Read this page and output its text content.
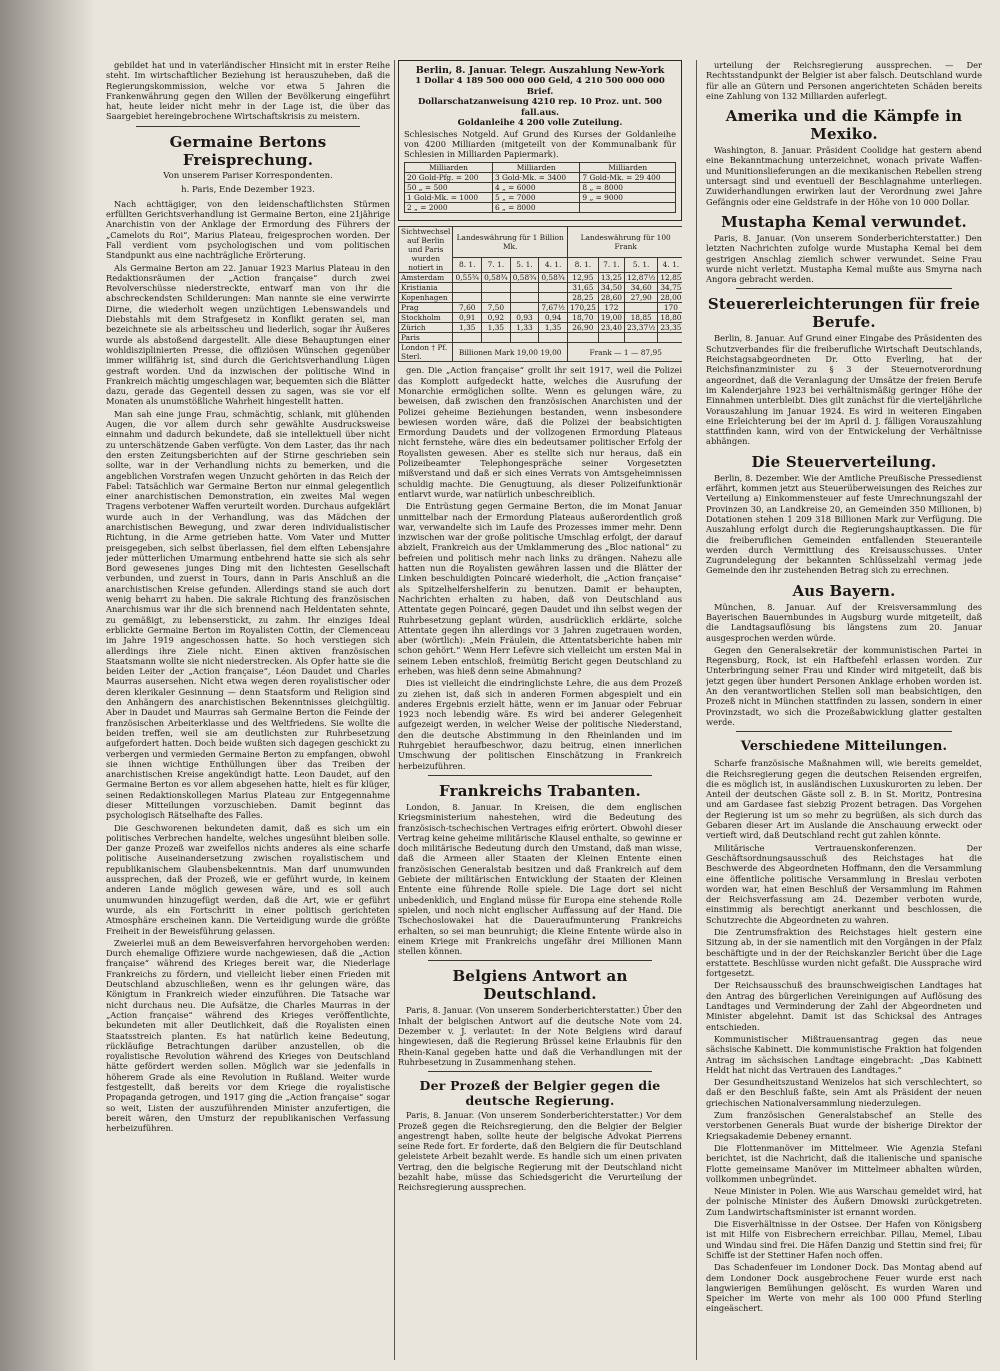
gebildet hat und in vaterländischer Hinsicht mit in erster Reihe steht. Im wirtschaftlicher Beziehung ist herauszuheben, daß die Regierungskommission, welche vor etwa 5 Jahren die Frankenwährung gegen den Willen der Bevölkerung eingeführt hat, heute leider nicht mehr in der Lage ist, die über das Saargebiet hereingebrochene Wirtschaftskrisis zu meistern.

Germaine Bertons Freisprechung.
Von unserem Pariser Korrespondenten.
h. Paris, Ende Dezember 1923.

Nach achttägiger, von den leidenschaftlichsten Stürmen erfüllten Gerichtsverhandlung ist Germaine Berton, eine 21jährige Anarchistin von der Anklage der Ermordung des Führers der „Camelots du Roi“, Marius Plateau, freigesprochen worden. Der Fall verdient vom psychologischen und vom politischen Standpunkt aus eine nachträgliche Erörterung.

Als Germaine Berton am 22. Januar 1923 Marius Plateau in den Redaktionsräumen der „Action française“ durch zwei Revolverschüsse niederstreckte, entwarf man von ihr die abschreckendsten Schilderungen: Man nannte sie eine verwirrte Dirne, die wiederholt wegen unzüchtigen Lebenswandels und Diebstahls mit dem Strafgesetz in Konflikt geraten sei, man bezeichnete sie als arbeitsscheu und liederlich, sogar ihr Äußeres wurde als abstoßend dargestellt. Alle diese Behauptungen einer wohldisziplinierten Presse, die offiziösen Wünschen gegenüber immer willfährig ist, sind durch die Gerichtsverhandlung Lügen gestraft worden. Und da inzwischen der politische Wind in Frankreich mächtig umgeschlagen war, bequemten sich die Blätter dazu, gerade das Gegenteil dessen zu sagen, was sie vor elf Monaten als unumstößliche Wahrheit hingestellt hatten.

Man sah eine junge Frau, schmächtig, schlank, mit glühenden Augen, die vor allem durch sehr gewählte Ausdrucksweise einnahm und dadurch bekundete, daß sie intellektuell über nicht zu unterschätzende Gaben verfügte. Von dem Laster, das ihr nach den ersten Zeitungsberichten auf der Stirne geschrieben sein sollte, war in der Verhandlung nichts zu bemerken, und die angeblichen Vorstrafen wegen Unzucht gehörten in das Reich der Fabel: Tatsächlich war Germaine Berton nur einmal gelegentlich einer anarchistischen Demonstration, ein zweites Mal wegen Tragens verbotener Waffen verurteilt worden. Durchaus aufgeklärt wurde auch in der Verhandlung, was das Mädchen der anarchistischen Bewegung, und zwar deren individualistischer Richtung, in die Arme getrieben hatte. Vom Vater und Mutter preisgegeben, sich selbst überlassen, fiel dem elften Lebensjahre jeder mütterlichen Umarmung entbehrend hatte sie sich als sehr Bord gewesenes junges Ding mit den lichtesten Gesellschaft verbunden, und zuerst in Tours, dann in Paris Anschluß an die anarchistischen Kreise gefunden. Allerdings stand sie auch dort wenig beharrt zu haben. Die sakrale Richtung des französischen Anarchismus war ihr die sich brennend nach Heldentaten sehnte, zu gemäßigt, zu lebenserstickt, zu zahm. Ihr einziges Ideal erblickte Germaine Berton im Royalisten Cottin, der Clemenceau im Jahre 1919 angeschossen hatte. So hoch verstiegen sich allerdings ihre Ziele nicht. Einen aktiven französischen Staatsmann wollte sie nicht niederstrecken. Als Opfer hatte sie die beiden Leiter der „Action française“, Léon Daudet und Charles Maurras ausersehen. Nicht etwa wegen deren royalistischer oder deren klerikaler Gesinnung — denn Staatsform und Religion sind den Anhängern des anarchistischen Bekenntnisses gleichgültig. Aber in Daudet und Maurras sah Germaine Berton die Feinde der französischen Arbeiterklasse und des Weltfriedens. Sie wollte die beiden treffen, weil sie am deutlichsten zur Ruhrbesetzung aufgefordert hatten. Doch beide wußten sich dagegen geschickt zu verbergen und vermieden Germaine Berton zu empfangen, obwohl sie ihnen wichtige Enthüllungen über das Treiben der anarchistischen Kreise angekündigt hatte. Leon Daudet, auf den Germaine Berton es vor allem abgesehen hatte, hielt es für klüger, seinen Redaktionskollegen Marius Plateau zur Entgegennahme dieser Mitteilungen vorzuschieben. Damit beginnt das psychologisch Rätselhafte des Falles.

Die Geschworenen bekundeten damit, daß es sich um ein politisches Verbrechen handelte, welches ungesühnt bleiben solle. Der ganze Prozeß war zweifellos nichts anderes als eine scharfe politische Auseinandersetzung zwischen royalistischem und republikanischem Glaubensbekenntnis. Man darf unumwunden aussprechen, daß der Prozeß, wie er geführt wurde, in keinem anderen Lande möglich gewesen wäre, und es soll auch unumwunden hinzugefügt werden, daß die Art, wie er geführt wurde, als ein Fortschritt in einer politisch gerichteten Atmosphäre erscheinen kann. Die Verteidigung wurde die größte Freiheit in der Beweisführung gelassen.

Zweierlei muß an dem Beweisverfahren hervorgehoben werden: Durch ehemalige Offiziere wurde nachgewiesen, daß die „Action française“ während des Krieges bereit war, die Niederlage Frankreichs zu fördern, und vielleicht lieber einen Frieden mit Deutschland abzuschließen, wenn es ihr gelungen wäre, das Königtum in Frankreich wieder einzuführen. Die Tatsache war nicht durchaus neu. Die Aufsätze, die Charles Maurras in der „Action française“ während des Krieges veröffentlichte, bekundeten mit aller Deutlichkeit, daß die Royalisten einen Staatsstreich planten. Es hat natürlich keine Bedeutung, rückläufige Betrachtungen darüber anzustellen, ob die royalistische Revolution während des Krieges von Deutschland hätte gefördert werden sollen. Möglich war sie jedenfalls in höherem Grade als eine Revolution in Rußland. Weiter wurde festgestellt, daß bereits vor dem Kriege die royalistische Propaganda getrogen, und 1917 ging die „Action française“ sogar so weit, Listen der auszuführenden Minister anzufertigen, die bereit wären, den Umsturz der republikanischen Verfassung herbeizuführen.

Berlin, 8. Januar. Telegr. Auszahlung New-York
1 Dollar 4 189 500 000 000 Geld, 4 210 500 000 000 Brief.
Dollarschatzanweisung 4210 rep. 10 Proz. unt. 500 fall.aus.
Goldanleihe 4 200 volle Zuteilung.
Schlesisches Notgeld. Auf Grund des Kurses der Goldanleihe von 4200 Milliarden (mitgeteilt von der Kommunalbank für Schlesien in Milliarden Papiermark).
Milliarden	Milliarden	Milliarden
20 Gold-Pfg. = 200	3 Gold-Mk. = 3400	7 Gold-Mk. = 29 400
50 „ = 500	4 „ = 6000	8 „ = 8000
1 Gold-Mk. = 1000	5 „ = 7000	9 „ = 9000
2 „ = 2000	6 „ = 8000	
Sichtwechsel auf Berlin und Paris wurden notiert in	Landeswährung für 1 Billion Mk.				Landeswährung für 100 Frank			
	8. 1.	7. 1.	5. 1.	4. 1.	8. 1.	7. 1.	5. 1.	4. 1.
Amsterdam	0,55¾	0,58¾	0,58¾	0,58¾	12,95	13,25	12,87½	12,85
Kristiania					31,65	34,50	34,60	34,75
Kopenhagen					28,25	28,60	27,90	28,00
Prag	7,60	7,50		7,67½	170,25	172		170
Stockholm	0,91	0,92	0,93	0,94	18,70	19,00	18,85	18,80
Zürich	1,35	1,35	1,33	1,35	26,90	23,40	23,37½	23,35
Paris								
London † Pf. Sterl.	Billionen Mark 19,00 19,00				Frank — 1 — 87,95			

gen. Die „Action française“ grollt ihr seit 1917, weil die Polizei das Komplott aufgedeckt hatte, welches die Ausrufung der Monarchie ermöglichen sollte. Wenn es gelungen wäre, zu beweisen, daß zwischen den französischen Anarchisten und der Polizei geheime Beziehungen bestanden, wenn insbesondere bewiesen worden wäre, daß die Polizei der beabsichtigten Ermordung Daudets und der vollzogenen Ermordung Plateaus nicht fernstehe, wäre dies ein bedeutsamer politischer Erfolg der Royalisten gewesen. Aber es stellte sich nur heraus, daß ein Polizeibeamter Telephongespräche seiner Vorgesetzten mißverstand und daß er sich eines Verrats von Amtsgeheimnissen schuldig machte. Die Genugtuung, als dieser Polizeifunktionär entlarvt wurde, war natürlich unbeschreiblich.

Die Entrüstung gegen Germaine Berton, die im Monat Januar unmittelbar nach der Ermordung Plateaus außerordentlich groß war, verwandelte sich im Laufe des Prozesses immer mehr. Denn inzwischen war der große politische Umschlag erfolgt, der darauf abzielt, Frankreich aus der Umklammerung des „Bloc national“ zu befreien und politisch mehr nach links zu drängen. Nahezu alle hatten nun die Royalisten gewähren lassen und die Blätter der Linken beschuldigten Poincaré wiederholt, die „Action française“ als Spitzelhelfershelferin zu benutzen. Damit er behaupten, Nachrichten erhalten zu haben, daß von Deutschland aus Attentate gegen Poincaré, gegen Daudet und ihn selbst wegen der Ruhrbesetzung geplant würden, ausdrücklich erklärte, solche Attentate gegen ihn allerdings vor 3 Jahren zugetrauen worden, aber (wörtlich): „Mein Fräulein, die Attentatsberichte haben mir schon gehört.“ Wenn Herr Lefèvre sich vielleicht um ersten Mal in seinem Leben entschloß, freimütig Bericht gegen Deutschland zu erheben, was hieß denn seine Abmahnung?

Dies ist vielleicht die eindringlichste Lehre, die aus dem Prozeß zu ziehen ist, daß sich in anderen Formen abgespielt und ein anderes Ergebnis erzielt hätte, wenn er im Januar oder Februar 1923 noch lebendig wäre. Es wird bei anderer Gelegenheit aufgezeigt werden, in welcher Weise der politische Niederstand, den die deutsche Abstimmung in den Rheinlanden und im Ruhrgebiet heraufbeschwor, dazu beitrug, einen innerlichen Umschwung der politischen Einschätzung in Frankreich herbeizuführen.

Frankreichs Trabanten.

London, 8. Januar. In Kreisen, die dem englischen Kriegsministerium nahestehen, wird die Bedeutung des französisch-tschechischen Vertrages eifrig erörtert. Obwohl dieser Vertrag keine geheime militärische Klausel enthalte, so gewinne er doch militärische Bedeutung durch den Umstand, daß man wisse, daß die Armeen aller Staaten der Kleinen Entente einen französischen Generalstab besitzen und daß Frankreich auf dem Gebiete der militärischen Entwicklung der Staaten der Kleinen Entente eine führende Rolle spiele. Die Lage dort sei nicht unbedenklich, und England müsse für Europa eine stehende Rolle spielen, und noch nicht englischer Auffassung auf der Hand. Die Tschechoslowakei hat die Daueraufmunterung Frankreichs erhalten, so sei man beunruhigt; die Kleine Entente würde also in einem Kriege mit Frankreichs ungefähr drei Millionen Mann stellen können.

Belgiens Antwort an Deutschland.

Paris, 8. Januar. (Von unserem Sonderberichterstatter.) Über den Inhalt der belgischen Antwort auf die deutsche Note vom 24. Dezember v. J. verlautet: In der Note Belgiens wird darauf hingewiesen, daß die Regierung Brüssel keine Erlaubnis für den Rhein-Kanal gegeben hatte und daß die Verhandlungen mit der Ruhrbesetzung in Zusammenhang stehen.

Der Prozeß der Belgier gegen die deutsche Regierung.

Paris, 8. Januar. (Von unserem Sonderberichterstatter.) Vor dem Prozeß gegen die Reichsregierung, den die Belgier der Belgier angestrengt haben, sollte heute der belgische Advokat Pierrens seine Rede fort. Er forderte, daß den Belgiern die für Deutschland geleistete Arbeit bezahlt werde. Es handle sich um einen privaten Vertrag, den die belgische Regierung mit der Deutschland nicht bezahlt habe, müsse das Schiedsgericht die Verurteilung der Reichsregierung aussprechen.

urteilung der Reichsregierung aussprechen. — Der Rechtsstandpunkt der Belgier ist aber falsch. Deutschland wurde für alle an Gütern und Personen angerichteten Schäden bereits eine Zahlung von 132 Milliarden auferlegt.

Amerika und die Kämpfe in Mexiko.

Washington, 8. Januar. Präsident Coolidge hat gestern abend eine Bekanntmachung unterzeichnet, wonach private Waffen- und Munitionslieferungen an die mexikanischen Rebellen streng untersagt sind und eventuell der Beschlagnahme unterliegen. Zuwiderhandlungen erwirken laut der Verordnung zwei Jahre Gefängnis oder eine Geldstrafe in der Höhe von 10 000 Dollar.

Mustapha Kemal verwundet.

Paris, 8. Januar. (Von unserem Sonderberichterstatter.) Den letzten Nachrichten zufolge wurde Mustapha Kemal bei dem gestrigen Anschlag ziemlich schwer verwundet. Seine Frau wurde nicht verletzt. Mustapha Kemal mußte aus Smyrna nach Angora gebracht werden.

Steuererleichterungen für freie Berufe.

Berlin, 8. Januar. Auf Grund einer Eingabe des Präsidenten des Schutzverbandes für die freiberufliche Wirtschaft Deutschlands, Reichstagsabgeordneten Dr. Otto Everling, hat der Reichsfinanzminister zu § 3 der Steuernotverordnung angeordnet, daß die Veranlagung der Umsätze der freien Berufe im Kalenderjahre 1923 bei verhältnismäßig geringer Höhe der Einnahmen unterbleibt. Dies gilt zunächst für die vierteljährliche Vorauszahlung im Januar 1924. Es wird in weiteren Eingaben eine Erleichterung bei der im April d. J. fälligen Vorauszahlung stattfinden kann, wird von der Entwickelung der Verhältnisse abhängen.

Die Steuerverteilung.

Berlin, 8. Dezember. Wie der Amtliche Preußische Pressedienst erfährt, kommen jetzt aus Steuerüberweisungen des Reiches zur Verteilung a) Einkommensteuer auf feste Umrechnungszahl der Provinzen 30, an Landkreise 20, an Gemeinden 350 Millionen, b) Dotationen stehen 1 209 318 Billionen Mark zur Verfügung. Die Auszahlung erfolgt durch die Regierungshauptkassen. Die für die freiberuflichen Gemeinden entfallenden Steueranteile werden durch Vermittlung des Kreisausschusses. Unter Zugrundelegung der bekannten Schlüsselzahl vermag jede Gemeinde den ihr zustehenden Betrag sich zu errechnen.

Aus Bayern.

München, 8. Januar. Auf der Kreisversammlung des Bayerischen Bauernbundes in Augsburg wurde mitgeteilt, daß die Landtagsauflösung bis längstens zum 20. Januar ausgesprochen werden würde.

Gegen den Generalsekretär der kommunistischen Partei in Regensburg, Rock, ist ein Haftbefehl erlassen worden. Zur Unterbringung seiner Frau und Kinder wird mitgeteilt, daß bis jetzt gegen über hundert Personen Anklage erhoben worden ist. An den verantwortlichen Stellen soll man beabsichtigen, den Prozeß nicht in München stattfinden zu lassen, sondern in einer Provinzstadt, wo sich die Prozeßabwicklung glatter gestalten werde.

Verschiedene Mitteilungen.

Scharfe französische Maßnahmen will, wie bereits gemeldet, die Reichsregierung gegen die deutschen Reisenden ergreifen, die es möglich ist, in ausländischen Luxuskurorten zu leben. Der Anteil der deutschen Gäste soll z. B. in St. Moritz, Pontresina und am Gardasee fast siebzig Prozent betragen. Das Vorgehen der Regierung ist um so mehr zu begrüßen, als sich durch das Gebaren dieser Art im Auslande die Anschauung erweckt oder vertieft wird, daß Deutschland recht gut zahlen könnte.

Militärische Vertrauenskonferenzen. Der Geschäftsordnungsausschuß des Reichstages hat die Beschwerde des Abgeordneten Hoffmann, den die Versammlung eine öffentliche politische Versammlung in Breslau verboten worden war, hat einen Beschluß der Versammlung im Rahmen der Reichsverfassung am 24. Dezember verboten wurde, einstimmig als berechtigt anerkannt und beschlossen, die Schutzrechte die Abgeordneten zu wahren.

Die Zentrumsfraktion des Reichstages hielt gestern eine Sitzung ab, in der sie namentlich mit den Vorgängen in der Pfalz beschäftigte und in der der Reichskanzler Bericht über die Lage erstattete. Beschlüsse wurden nicht gefaßt. Die Aussprache wird fortgesetzt.

Der Reichsausschuß des braunschweigischen Landtages hat den Antrag des bürgerlichen Vereinigungen auf Auflösung des Landtages und Verminderung der Zahl der Abgeordneten und Minister abgelehnt. Damit ist das Schicksal des Antrages entschieden.

Kommunistischer Mißtrauensantrag gegen das neue sächsische Kabinett. Die kommunistische Fraktion hat folgenden Antrag im sächsischen Landtage eingebracht: „Das Kabinett Heldt hat nicht das Vertrauen des Landtages.“

Der Gesundheitszustand Wenizelos hat sich verschlechtert, so daß er den Beschluß faßte, sein Amt als Präsident der neuen griechischen Nationalversammlung niederzulegen.

Zum französischen Generalstabschef an Stelle des verstorbenen Generals Buat wurde der bisherige Direktor der Kriegsakademie Debeney ernannt.

Die Flottenmanöver im Mittelmeer. Wie Agenzia Stefani berichtet, ist die Nachricht, daß die italienische und spanische Flotte gemeinsame Manöver im Mittelmeer abhalten würden, vollkommen unbegründet.

Neue Minister in Polen. Wie aus Warschau gemeldet wird, hat der polnische Minister des Äußern Dmowski zurückgetreten. Zum Landwirtschaftsminister ist ernannt worden.

Die Eisverhältnisse in der Ostsee. Der Hafen von Königsberg ist mit Hilfe von Eisbrechern erreichbar. Pillau, Memel, Libau und Windau sind frei. Die Häfen Danzig und Stettin sind frei; für Schiffe ist der Stettiner Hafen noch offen.

Das Schadenfeuer im Londoner Dock. Das Montag abend auf dem Londoner Dock ausgebrochene Feuer wurde erst nach langwierigen Bemühungen gelöscht. Es wurden Waren und Speicher im Werte von mehr als 100 000 Pfund Sterling eingeäschert.
